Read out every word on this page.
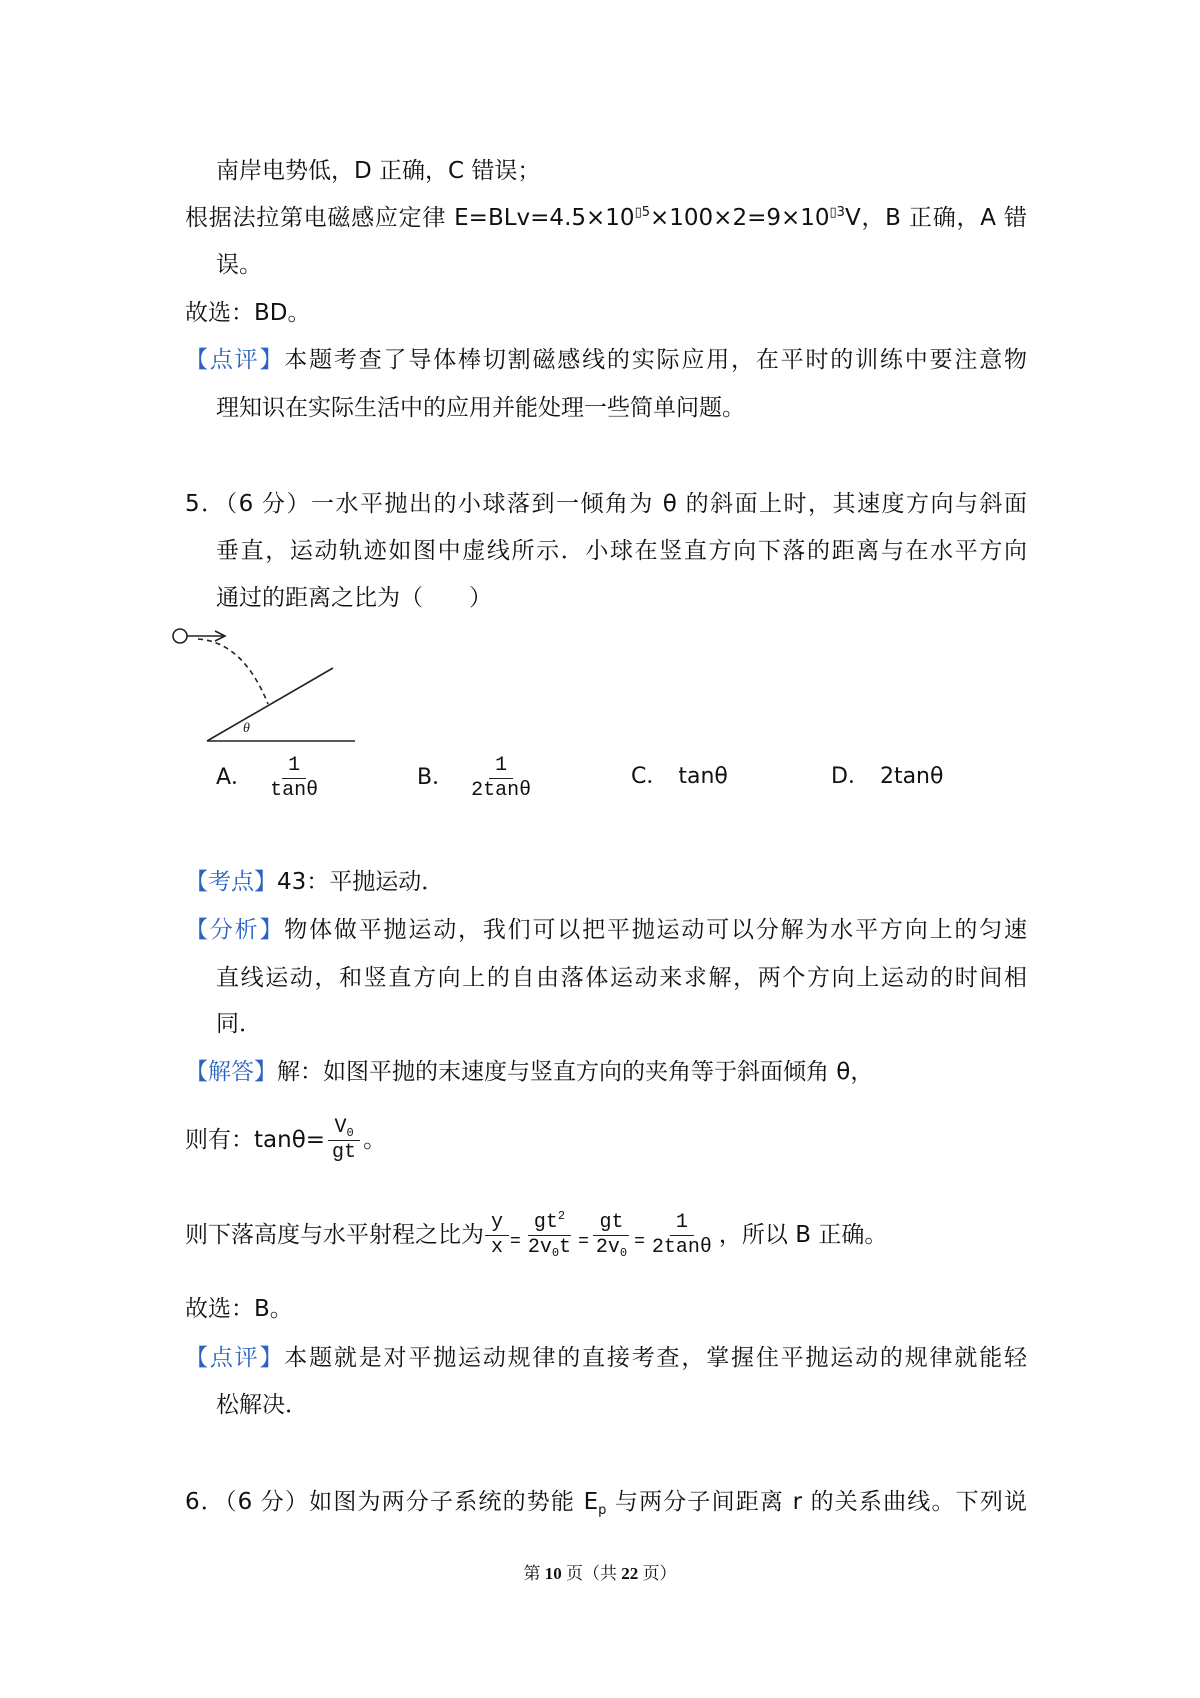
南岸电势低，D 正确，C 错误；
根据法拉第电磁感应定律 $E=BLv=4.5\times 10^{▯5}\times 100\times 2=9\times 10^{▯3}V$，B 正确，A 错
误。
故选：BD。
【点评】本题考查了导体棒切割磁感线的实际应用，在平时的训练中要注意物
理知识在实际生活中的应用并能处理一些简单问题。
5．（6 分）一水平抛出的小球落到一倾角为 θ 的斜面上时，其速度方向与斜面
垂直，运动轨迹如图中虚线所示．小球在竖直方向下落的距离与在水平方向
通过的距离之比为（　　）
θ
A． $\frac{1}{\tan\theta}$	B． $\frac{1}{2\tan\theta}$	C． tanθ	D． 2tanθ
【考点】43：平抛运动．
【分析】物体做平抛运动，我们可以把平抛运动可以分解为水平方向上的匀速
直线运动，和竖直方向上的自由落体运动来求解，两个方向上运动的时间相
同．
【解答】解：如图平抛的末速度与竖直方向的夹角等于斜面倾角 θ，
则有：$\tan\theta= \frac{V_0}{gt}$ 。
则下落高度与水平射程之比为 $\frac{y}{x} = \frac{gt^2}{2v_0t} = \frac{gt}{2v_0} = \frac{1}{2\tan\theta}$ ，所以 B 正确。
故选：B。
【点评】本题就是对平抛运动规律的直接考查，掌握住平抛运动的规律就能轻
松解决．
6．（6 分）如图为两分子系统的势能 $E_p$ 与两分子间距离 r 的关系曲线。下列说
第 10 页（共 22 页）
